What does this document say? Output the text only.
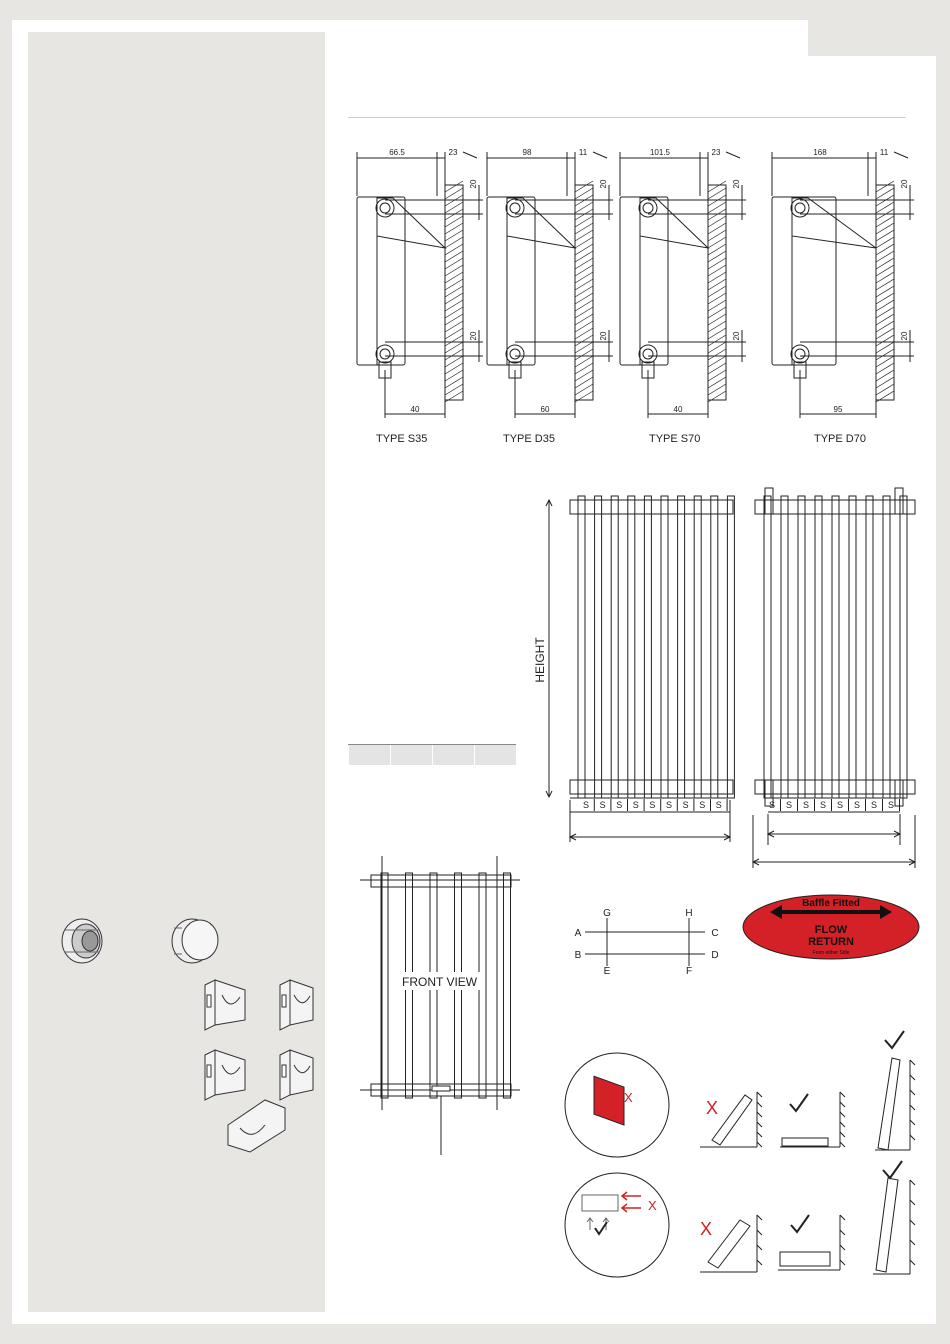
66.5	23
20
20
40
98	11
20
20
60
101.5	23
20
20
40
168	11
20
20
95
TYPE S35	TYPE D35	TYPE S70	TYPE D70
HEIGHT
S S S S S S S S S	S S S S S S S S

FRONT VIEW
G	H
A	C
B	D
E	F
Baffle Fitted
FLOW
RETURN
From either Side
X
X
X
X
